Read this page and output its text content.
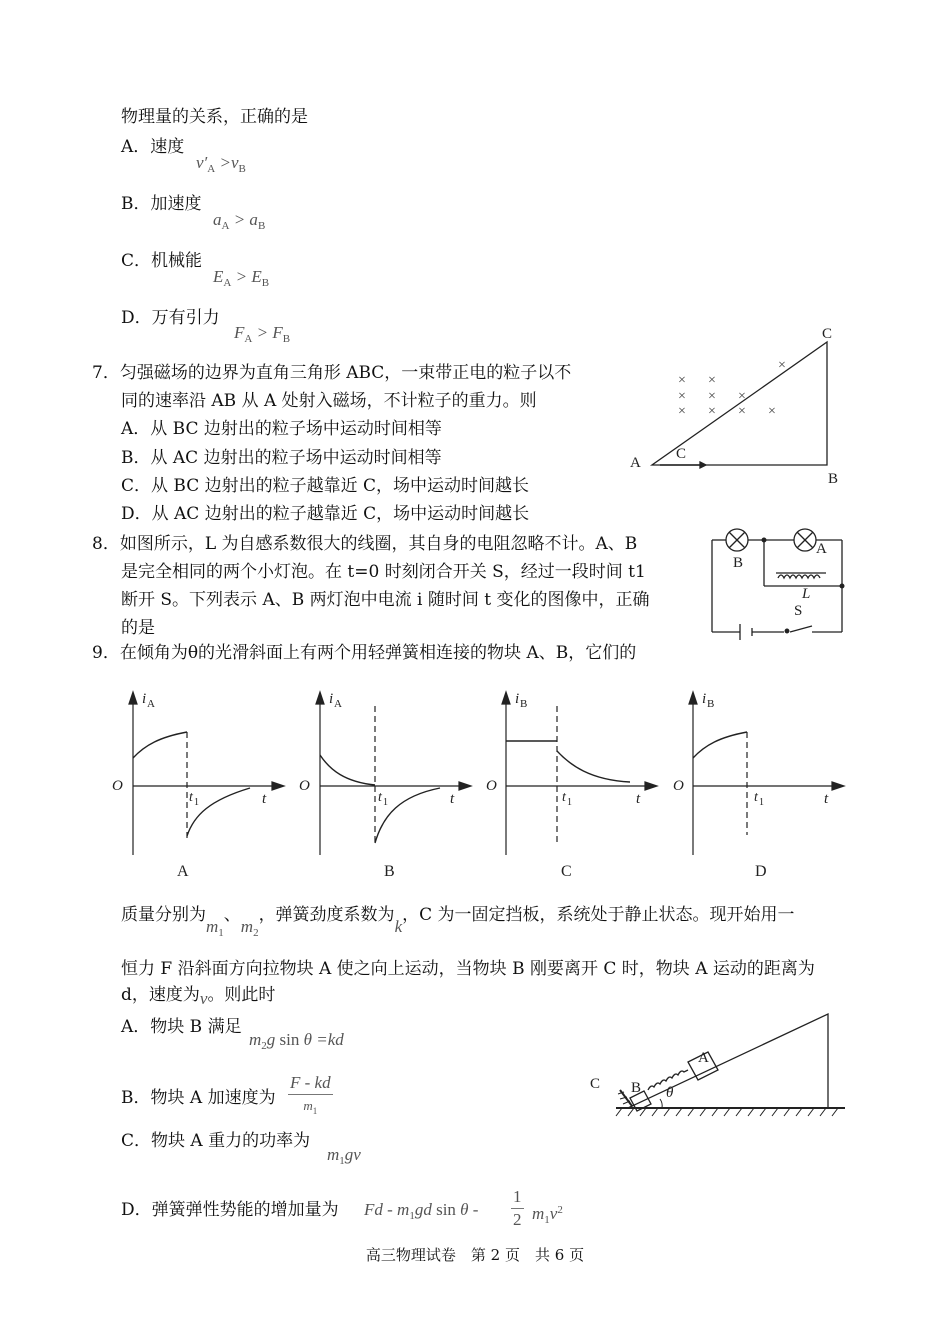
物理量的关系，正确的是
A．速度
$v'_A >v_B$
B．加速度
$a_A > a_B$
C．机械能
$E_A > E_B$
D．万有引力
$F_A > F_B$
7．匀强磁场的边界为直角三角形 ABC，一束带正电的粒子以不
同的速率沿 AB 从 A 处射入磁场，不计粒子的重力。则
A．从 BC 边射出的粒子场中运动时间相等
B．从 AC 边射出的粒子场中运动时间相等
C．从 BC 边射出的粒子越靠近 C，场中运动时间越长
D．从 AC 边射出的粒子越靠近 C，场中运动时间越长
× ×
× × ×
× × × ×
×
A
B
C
C
8．如图所示，L 为自感系数很大的线圈，其自身的电阻忽略不计。A、B
是完全相同的两个小灯泡。在 t=0 时刻闭合开关 S，经过一段时间 t1
断开 S。下列表示 A、B 两灯泡中电流 i 随时间 t 变化的图像中，正确
的是
B
A
L
S
9．在倾角为θ的光滑斜面上有两个用轻弹簧相连接的物块 A、B，它们的
i A
O
t 1	t
A
i A
O
t 1	t
B
i B
O
t 1	t
C
i B
O
t 1	t
D
质量分别为$m_1$、$m_2$，弹簧劲度系数为k，C 为一固定挡板，系统处于静止状态。现开始用一
恒力 F 沿斜面方向拉物块 A 使之向上运动，当物块 B 刚要离开 C 时，物块 A 运动的距离为
d，速度为v。则此时
A．物块 B 满足
$m_2g$ sin θ =kd
B．物块 A 加速度为 $\frac{F - kd}{m_1}$
C．物块 A 重力的功率为
$m_1gv$
D．弹簧弹性势能的增加量为 Fd - $m_1gd$ sin θ - $\frac{1}{2} m_1v^2$
C B
A
θ
高三物理试卷　第 2 页　共 6 页
